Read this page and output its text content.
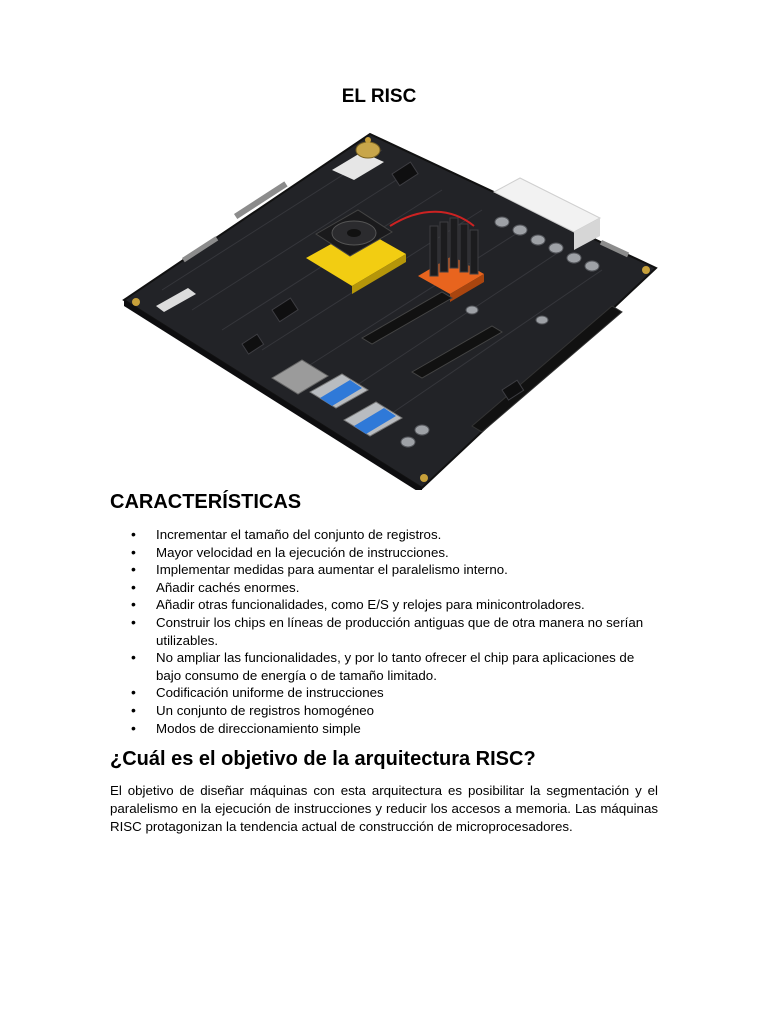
EL RISC
CARACTERÍSTICAS
• Incrementar el tamaño del conjunto de registros.
• Mayor velocidad en la ejecución de instrucciones.
• Implementar medidas para aumentar el paralelismo interno.
• Añadir cachés enormes.
• Añadir otras funcionalidades, como E/S y relojes para minicontroladores.
• Construir los chips en líneas de producción antiguas que de otra manera no serían utilizables.
• No ampliar las funcionalidades, y por lo tanto ofrecer el chip para aplicaciones de bajo consumo de energía o de tamaño limitado.
• Codificación uniforme de instrucciones
• Un conjunto de registros homogéneo
• Modos de direccionamiento simple
¿Cuál es el objetivo de la arquitectura RISC?

El objetivo de diseñar máquinas con esta arquitectura es posibilitar la segmentación y el paralelismo en la ejecución de instrucciones y reducir los accesos a memoria. Las máquinas RISC protagonizan la tendencia actual de construcción de microprocesadores.
